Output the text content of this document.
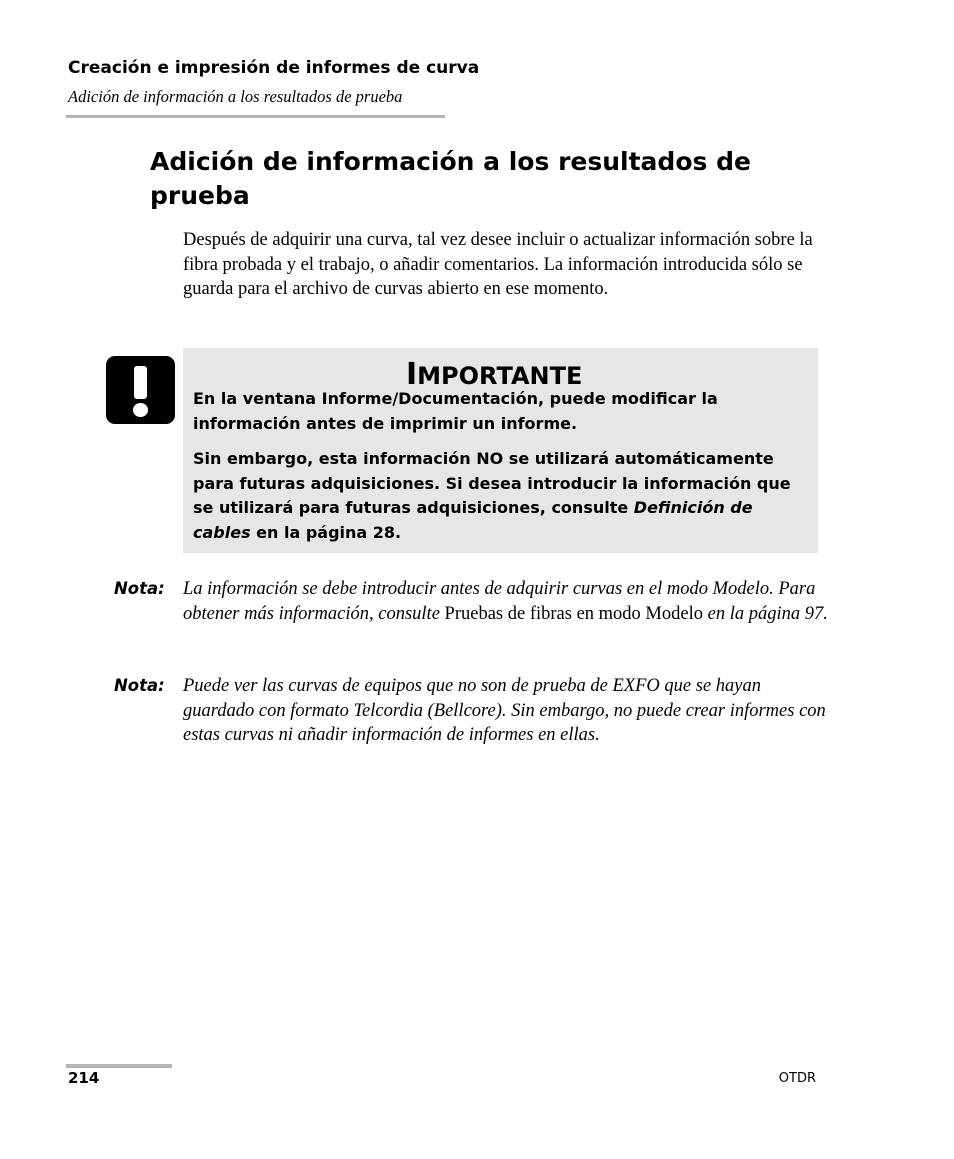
Creación e impresión de informes de curva
Adición de información a los resultados de prueba
Adición de información a los resultados de prueba

Después de adquirir una curva, tal vez desee incluir o actualizar información sobre la fibra probada y el trabajo, o añadir comentarios. La información introducida sólo se guarda para el archivo de curvas abierto en ese momento.

IMPORTANTE

En la ventana Informe/Documentación, puede modificar la información antes de imprimir un informe.

Sin embargo, esta información NO se utilizará automáticamente para futuras adquisiciones. Si desea introducir la información que se utilizará para futuras adquisiciones, consulte Definición de cables en la página 28.

Nota: La información se debe introducir antes de adquirir curvas en el modo Modelo. Para obtener más información, consulte Pruebas de fibras en modo Modelo en la página 97.

Nota: Puede ver las curvas de equipos que no son de prueba de EXFO que se hayan guardado con formato Telcordia (Bellcore). Sin embargo, no puede crear informes con estas curvas ni añadir información de informes en ellas.

214	OTDR
